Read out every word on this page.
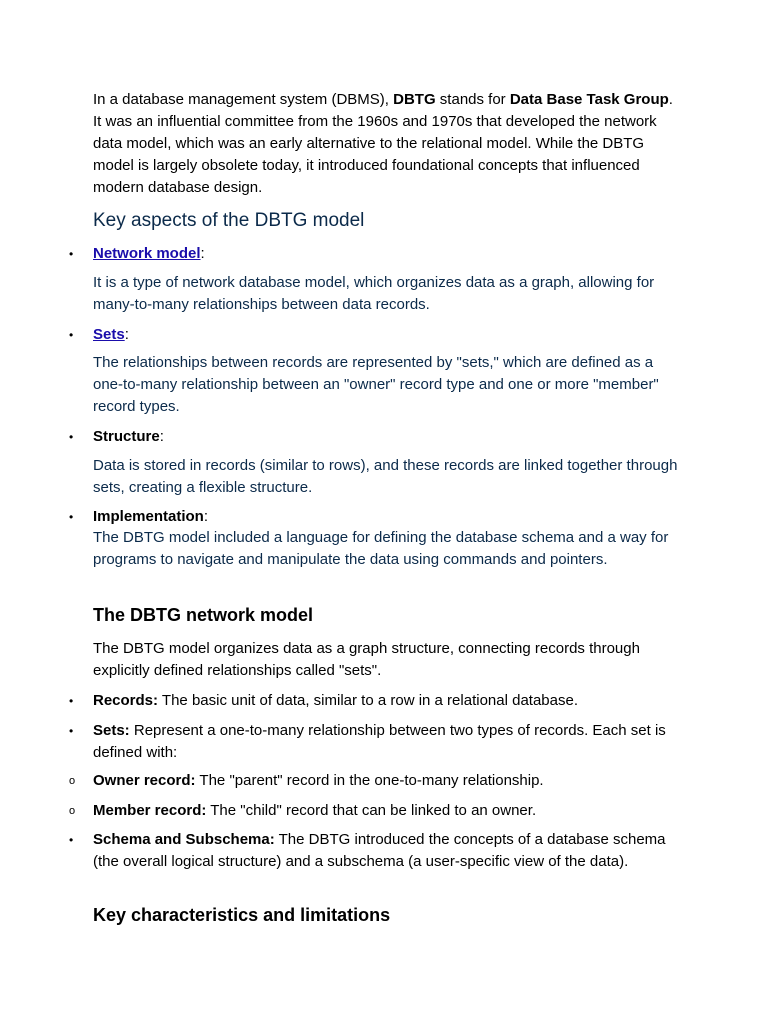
In a database management system (DBMS), DBTG stands for Data Base Task Group. It was an influential committee from the 1960s and 1970s that developed the network data model, which was an early alternative to the relational model. While the DBTG model is largely obsolete today, it introduced foundational concepts that influenced modern database design.

Key aspects of the DBTG model
• Network model:

It is a type of network database model, which organizes data as a graph, allowing for many-to-many relationships between data records.

• Sets:

The relationships between records are represented by "sets," which are defined as a one-to-many relationship between an "owner" record type and one or more "member" record types.

• Structure:

Data is stored in records (similar to rows), and these records are linked together through sets, creating a flexible structure.

• Implementation:

The DBTG model included a language for defining the database schema and a way for programs to navigate and manipulate the data using commands and pointers.

The DBTG network model

The DBTG model organizes data as a graph structure, connecting records through explicitly defined relationships called "sets".

• Records: The basic unit of data, similar to a row in a relational database.

• Sets: Represent a one-to-many relationship between two types of records. Each set is defined with:

o Owner record: The "parent" record in the one-to-many relationship.

o Member record: The "child" record that can be linked to an owner.

• Schema and Subschema: The DBTG introduced the concepts of a database schema (the overall logical structure) and a subschema (a user-specific view of the data).

Key characteristics and limitations
